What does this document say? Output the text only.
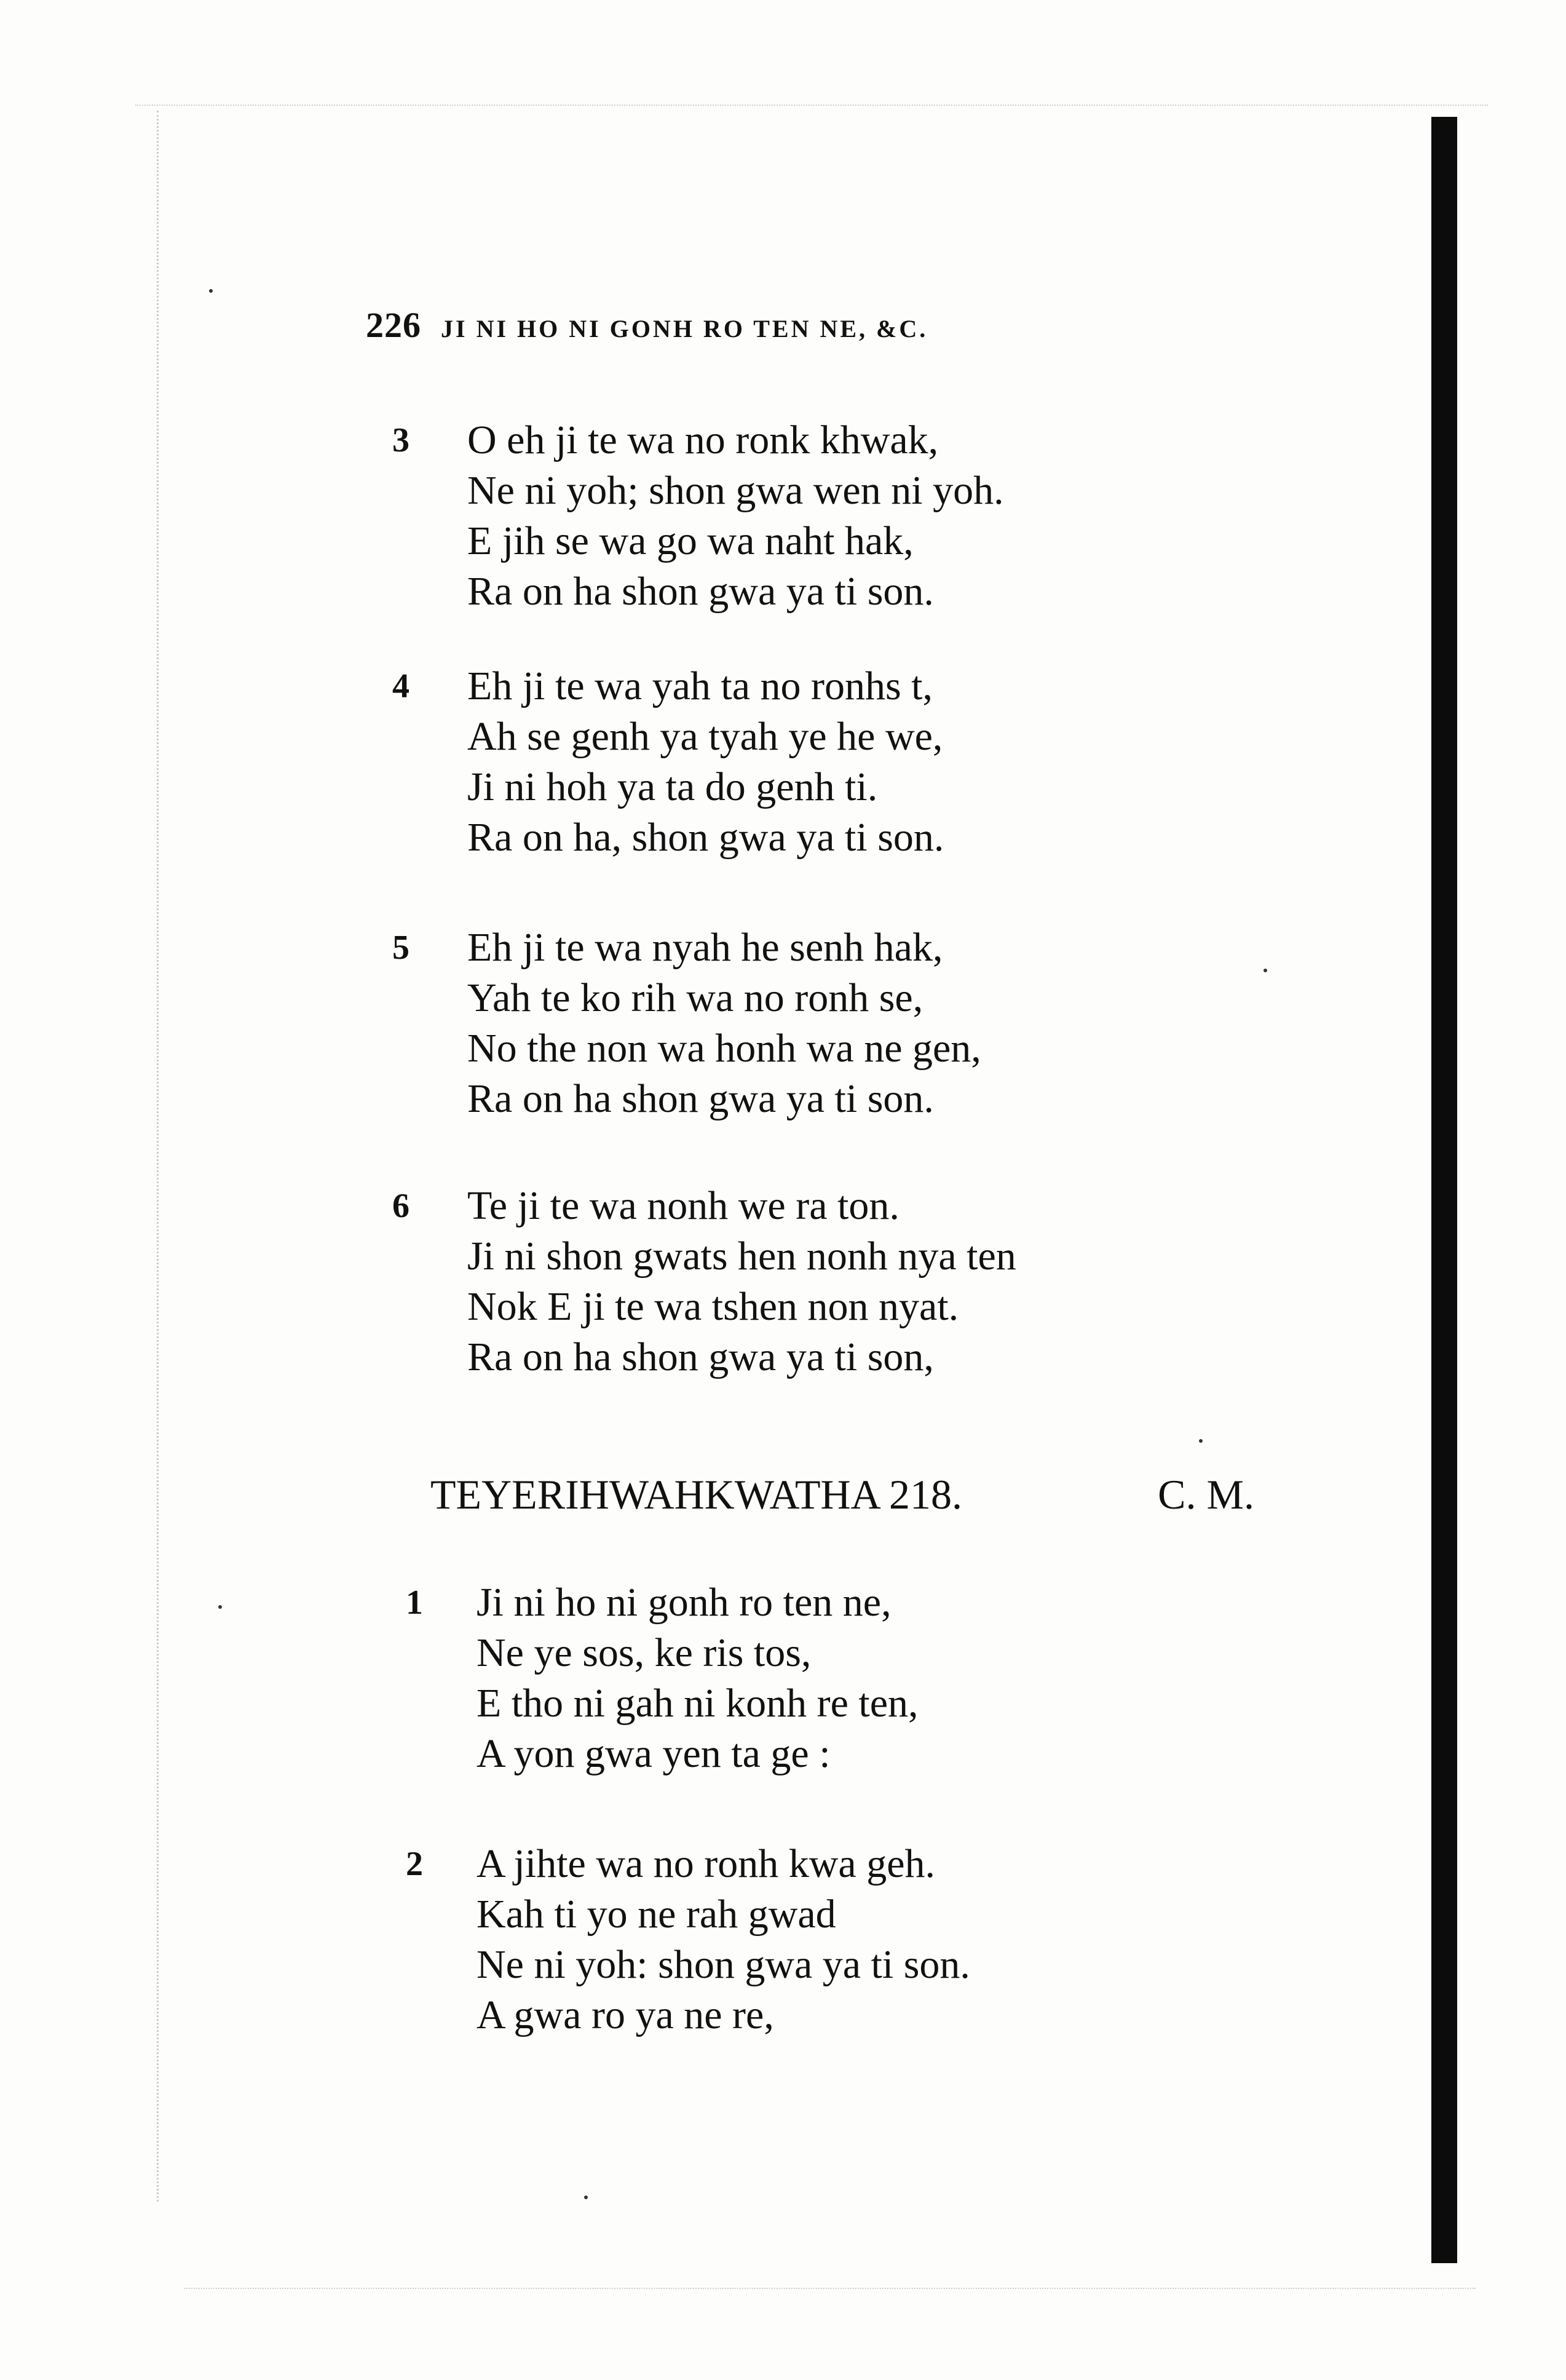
226 JI NI HO NI GONH RO TEN NE, &C.
3 O eh ji te wa no ronk khwak,
Ne ni yoh; shon gwa wen ni yoh.
E jih se wa go wa naht hak,
Ra on ha shon gwa ya ti son.
4 Eh ji te wa yah ta no ronhs t,
Ah se genh ya tyah ye he we,
Ji ni hoh ya ta do genh ti.
Ra on ha, shon gwa ya ti son.
5 Eh ji te wa nyah he senh hak,
Yah te ko rih wa no ronh se,
No the non wa honh wa ne gen,
Ra on ha shon gwa ya ti son.
6 Te ji te wa nonh we ra ton.
Ji ni shon gwats hen nonh nya ten
Nok E ji te wa tshen non nyat.
Ra on ha shon gwa ya ti son,
TEYERIHWAHKWATHA 218.	C. M.
1 Ji ni ho ni gonh ro ten ne,
Ne ye sos, ke ris tos,
E tho ni gah ni konh re ten,
A yon gwa yen ta ge :
2 A jihte wa no ronh kwa geh.
Kah ti yo ne rah gwad
Ne ni yoh: shon gwa ya ti son.
A gwa ro ya ne re,
